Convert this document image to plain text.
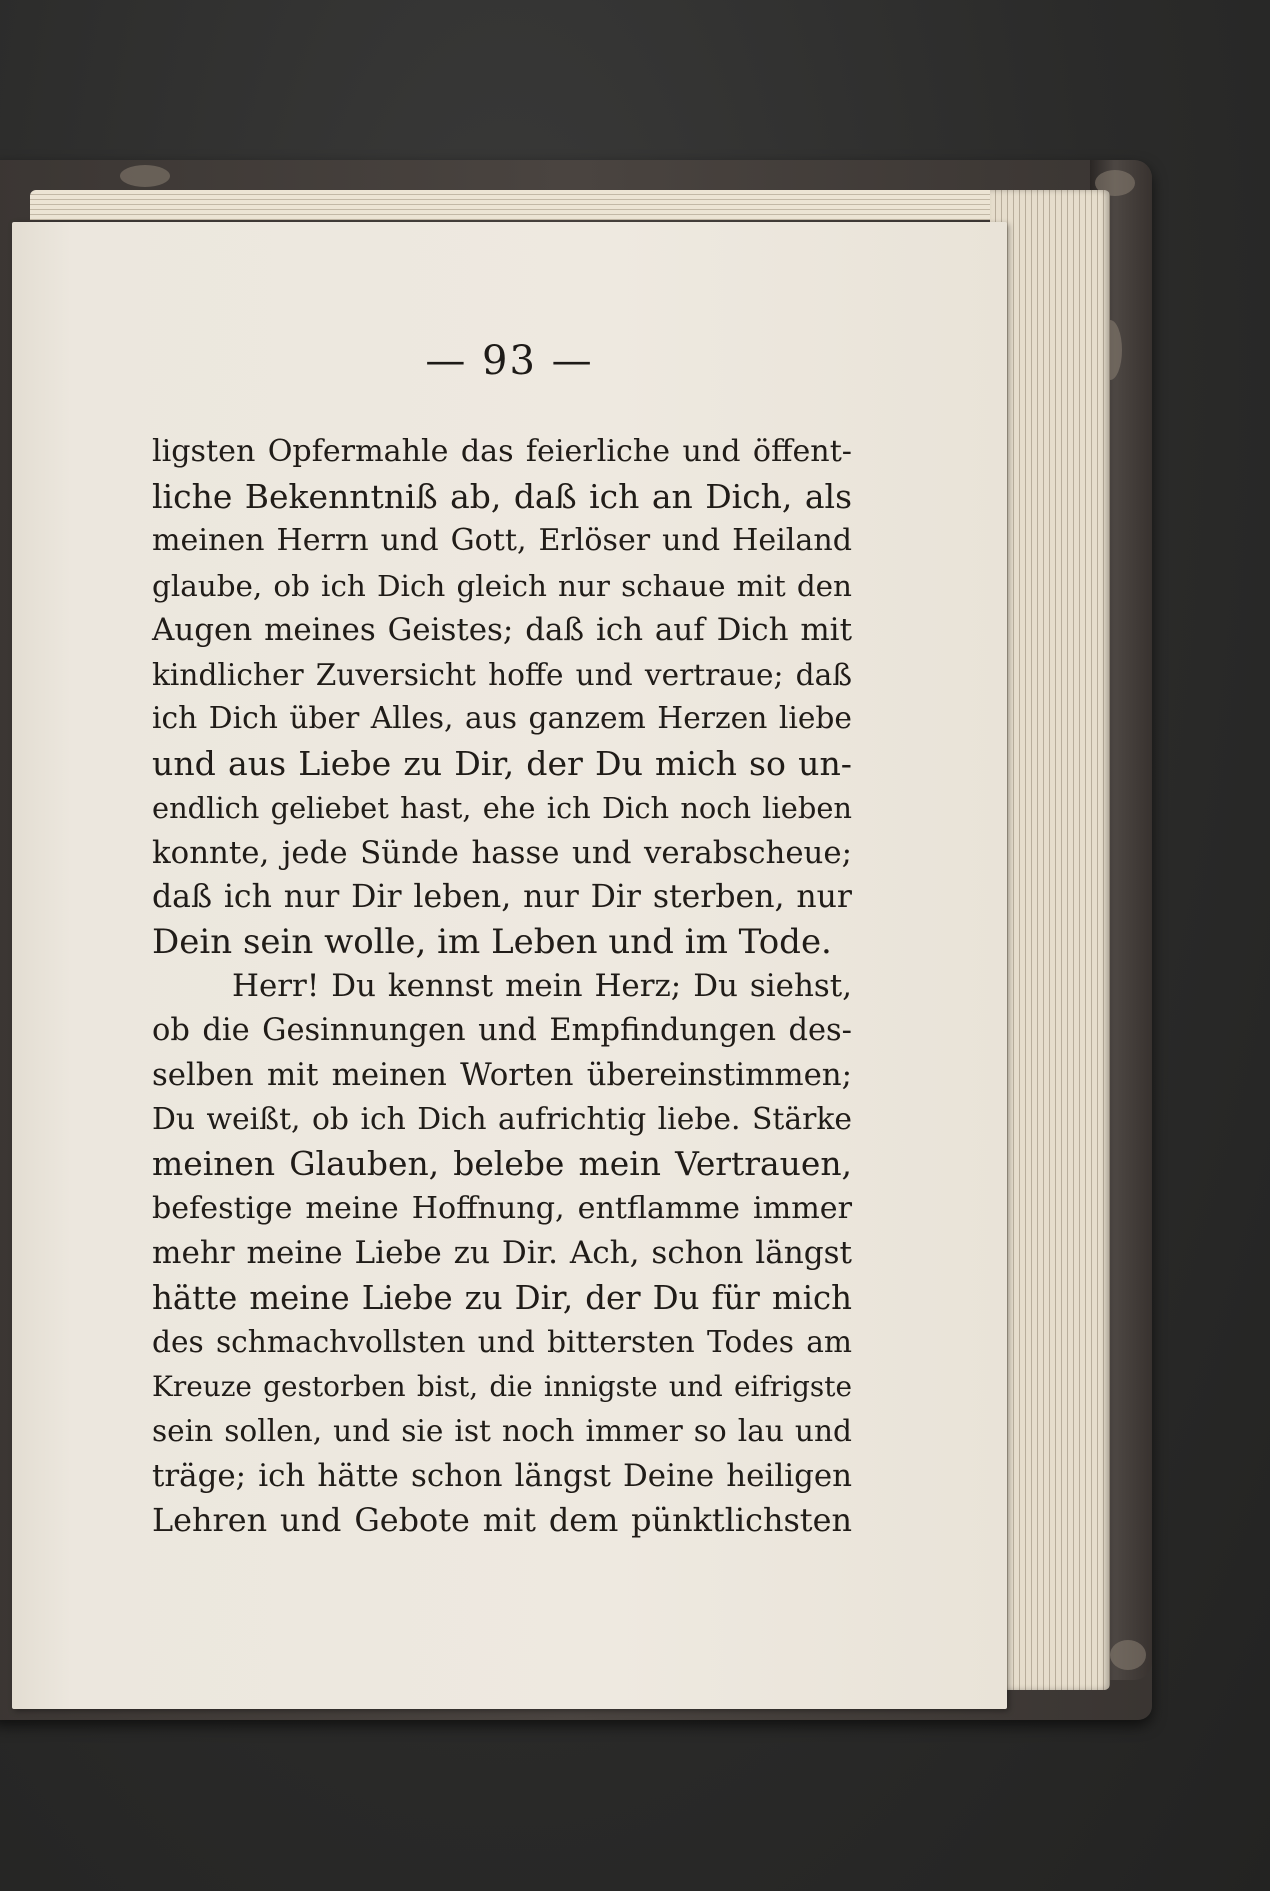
— 93 —
ligsten Opfermahle das feierliche und öffent-
liche Bekenntniß ab, daß ich an Dich, als
meinen Herrn und Gott, Erlöser und Heiland
glaube, ob ich Dich gleich nur schaue mit den
Augen meines Geistes; daß ich auf Dich mit
kindlicher Zuversicht hoffe und vertraue; daß
ich Dich über Alles, aus ganzem Herzen liebe
und aus Liebe zu Dir, der Du mich so un-
endlich geliebet hast, ehe ich Dich noch lieben
konnte, jede Sünde hasse und verabscheue;
daß ich nur Dir leben, nur Dir sterben, nur
Dein sein wolle, im Leben und im Tode.
Herr! Du kennst mein Herz; Du siehst,
ob die Gesinnungen und Empfindungen des-
selben mit meinen Worten übereinstimmen;
Du weißt, ob ich Dich aufrichtig liebe. Stärke
meinen Glauben, belebe mein Vertrauen,
befestige meine Hoffnung, entflamme immer
mehr meine Liebe zu Dir. Ach, schon längst
hätte meine Liebe zu Dir, der Du für mich
des schmachvollsten und bittersten Todes am
Kreuze gestorben bist, die innigste und eifrigste
sein sollen, und sie ist noch immer so lau und
träge; ich hätte schon längst Deine heiligen
Lehren und Gebote mit dem pünktlichsten
